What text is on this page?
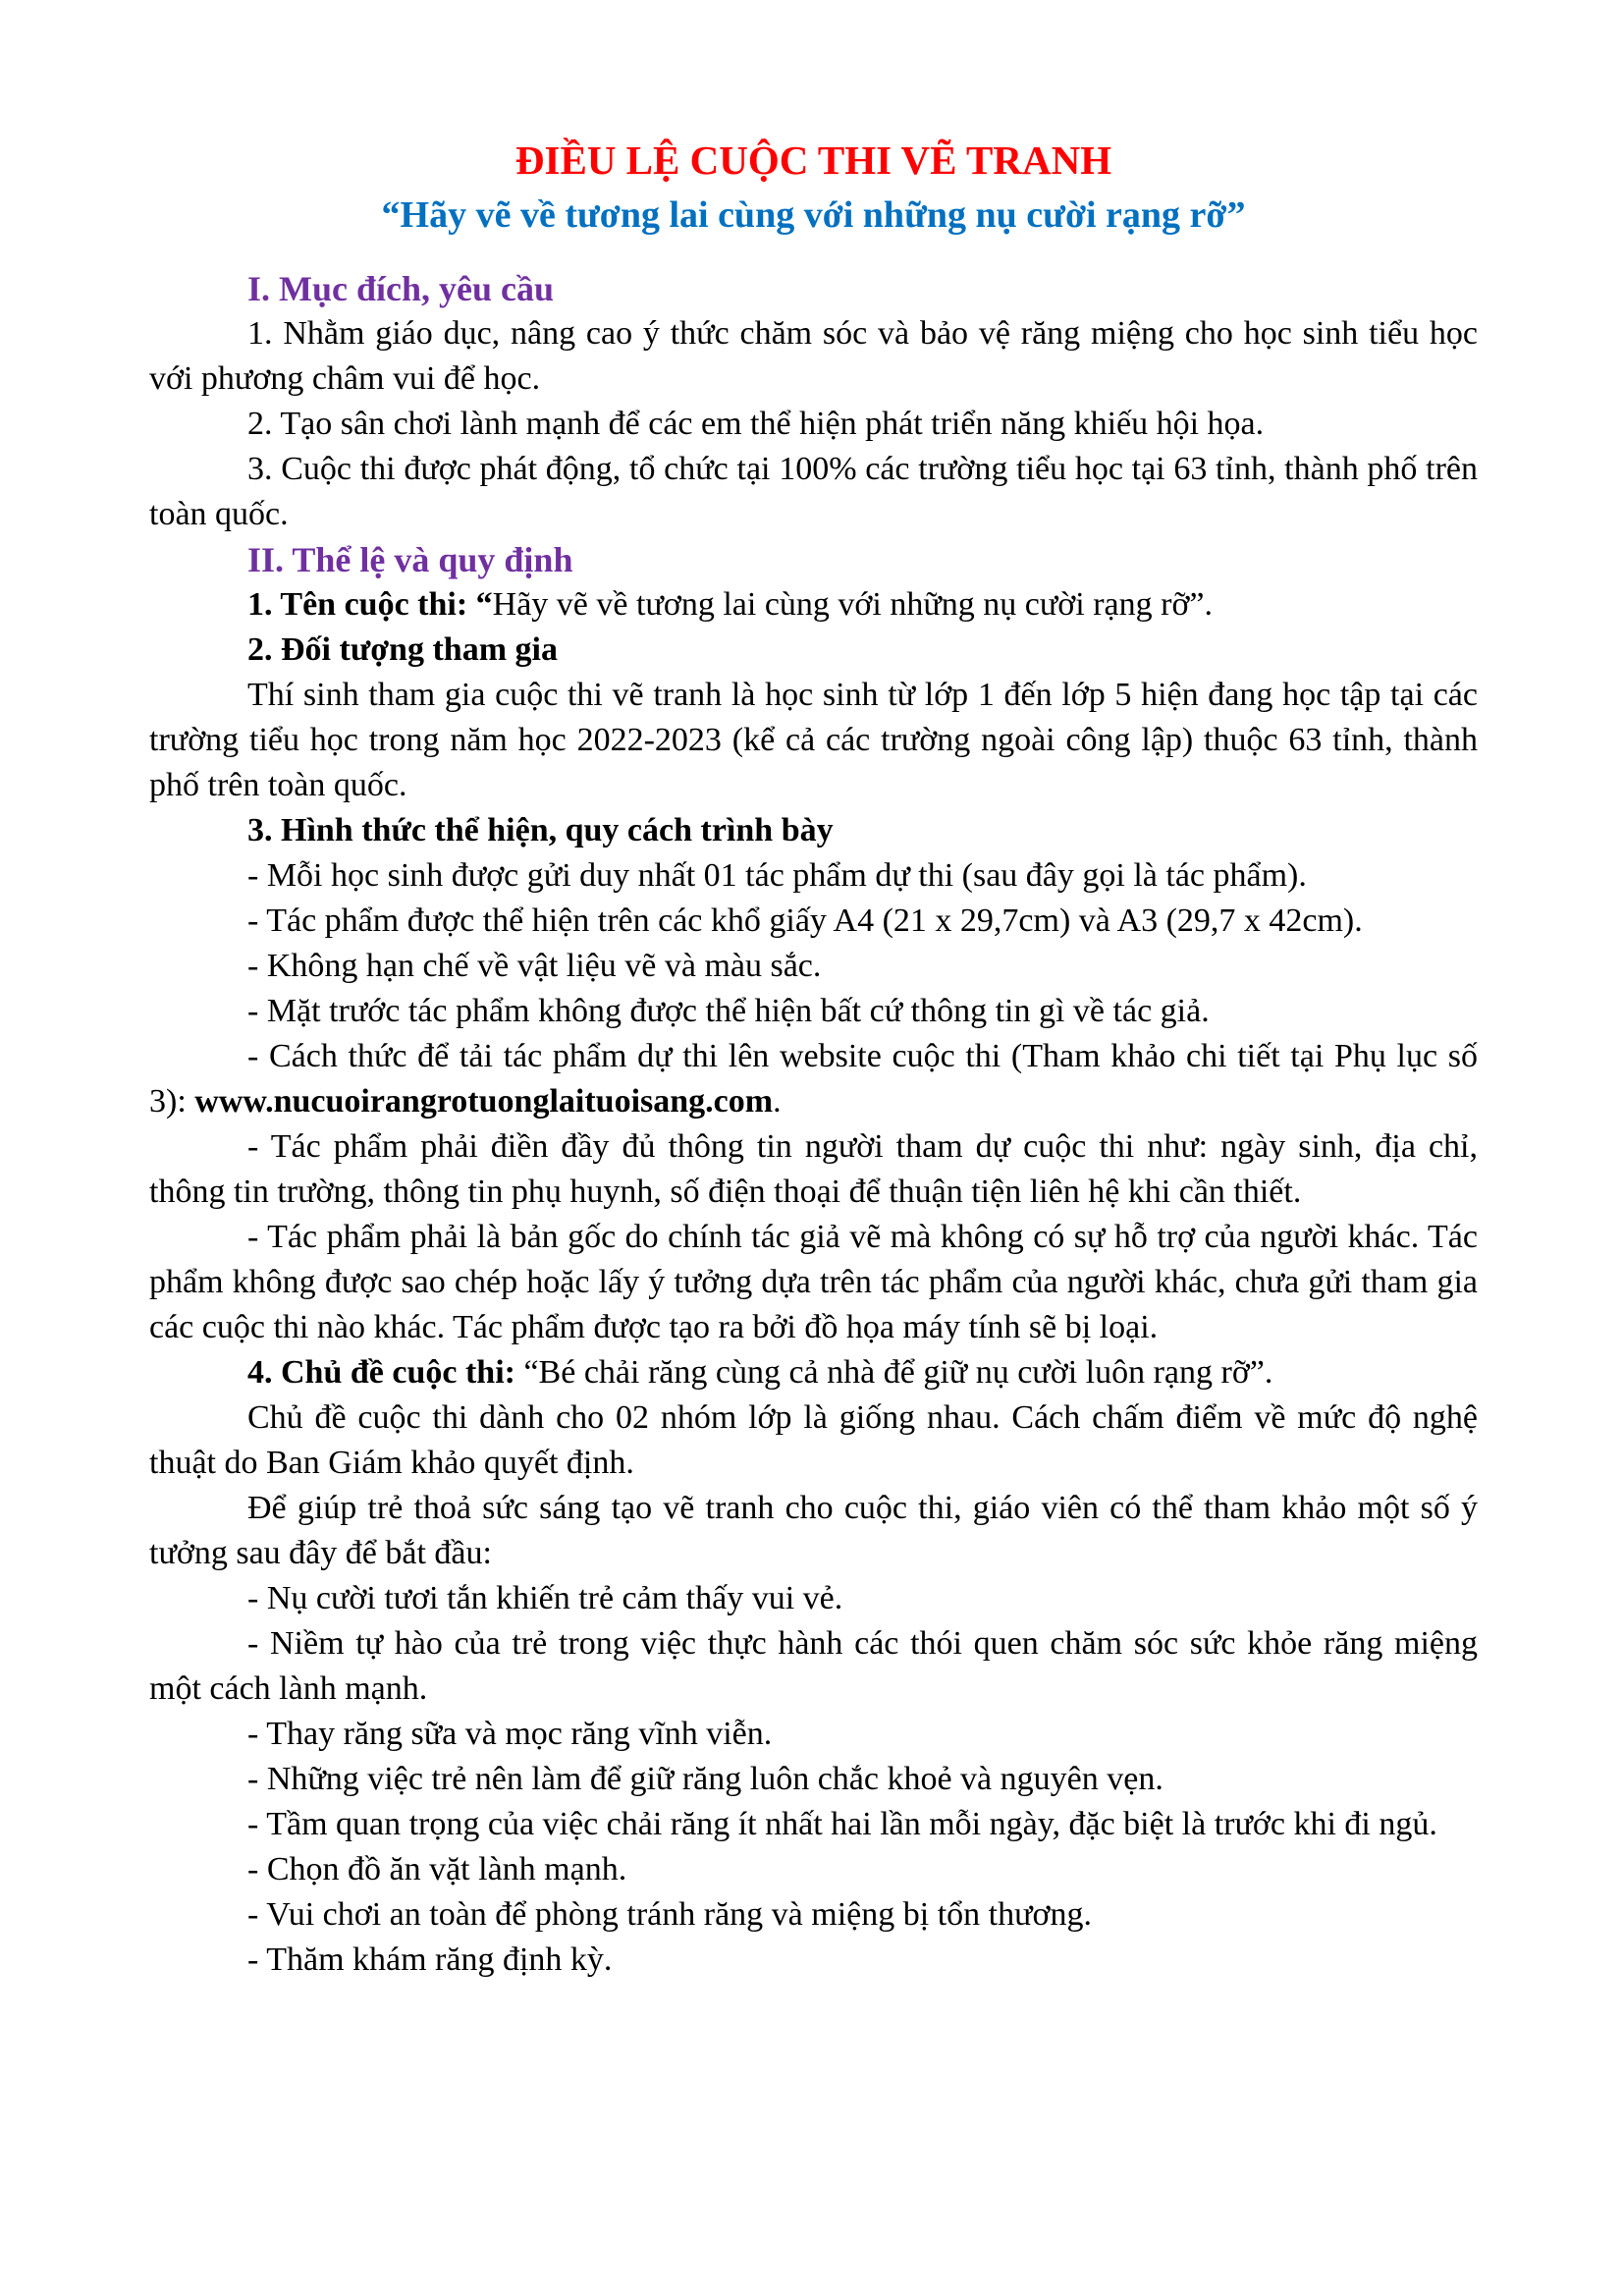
ĐIỀU LỆ CUỘC THI VẼ TRANH

“Hãy vẽ về tương lai cùng với những nụ cười rạng rỡ”

I. Mục đích, yêu cầu

1. Nhằm giáo dục, nâng cao ý thức chăm sóc và bảo vệ răng miệng cho học sinh tiểu học với phương châm vui để học.

2. Tạo sân chơi lành mạnh để các em thể hiện phát triển năng khiếu hội họa.

3. Cuộc thi được phát động, tổ chức tại 100% các trường tiểu học tại 63 tỉnh, thành phố trên toàn quốc.

II. Thể lệ và quy định

1. Tên cuộc thi: “Hãy vẽ về tương lai cùng với những nụ cười rạng rỡ”.

2. Đối tượng tham gia

Thí sinh tham gia cuộc thi vẽ tranh là học sinh từ lớp 1 đến lớp 5 hiện đang học tập tại các trường tiểu học trong năm học 2022-2023 (kể cả các trường ngoài công lập) thuộc 63 tỉnh, thành phố trên toàn quốc.

3. Hình thức thể hiện, quy cách trình bày

- Mỗi học sinh được gửi duy nhất 01 tác phẩm dự thi (sau đây gọi là tác phẩm).

- Tác phẩm được thể hiện trên các khổ giấy A4 (21 x 29,7cm) và A3 (29,7 x 42cm).

- Không hạn chế về vật liệu vẽ và màu sắc.

- Mặt trước tác phẩm không được thể hiện bất cứ thông tin gì về tác giả.

- Cách thức để tải tác phẩm dự thi lên website cuộc thi (Tham khảo chi tiết tại Phụ lục số 3): www.nucuoirangrotuonglaituoisang.com.

- Tác phẩm phải điền đầy đủ thông tin người tham dự cuộc thi như: ngày sinh, địa chỉ, thông tin trường, thông tin phụ huynh, số điện thoại để thuận tiện liên hệ khi cần thiết.

- Tác phẩm phải là bản gốc do chính tác giả vẽ mà không có sự hỗ trợ của người khác. Tác phẩm không được sao chép hoặc lấy ý tưởng dựa trên tác phẩm của người khác, chưa gửi tham gia các cuộc thi nào khác. Tác phẩm được tạo ra bởi đồ họa máy tính sẽ bị loại.

4. Chủ đề cuộc thi: “Bé chải răng cùng cả nhà để giữ nụ cười luôn rạng rỡ”.

Chủ đề cuộc thi dành cho 02 nhóm lớp là giống nhau. Cách chấm điểm về mức độ nghệ thuật do Ban Giám khảo quyết định.

Để giúp trẻ thoả sức sáng tạo vẽ tranh cho cuộc thi, giáo viên có thể tham khảo một số ý tưởng sau đây để bắt đầu:

- Nụ cười tươi tắn khiến trẻ cảm thấy vui vẻ.

- Niềm tự hào của trẻ trong việc thực hành các thói quen chăm sóc sức khỏe răng miệng một cách lành mạnh.

- Thay răng sữa và mọc răng vĩnh viễn.

- Những việc trẻ nên làm để giữ răng luôn chắc khoẻ và nguyên vẹn.

- Tầm quan trọng của việc chải răng ít nhất hai lần mỗi ngày, đặc biệt là trước khi đi ngủ.

- Chọn đồ ăn vặt lành mạnh.

- Vui chơi an toàn để phòng tránh răng và miệng bị tổn thương.

- Thăm khám răng định kỳ.
